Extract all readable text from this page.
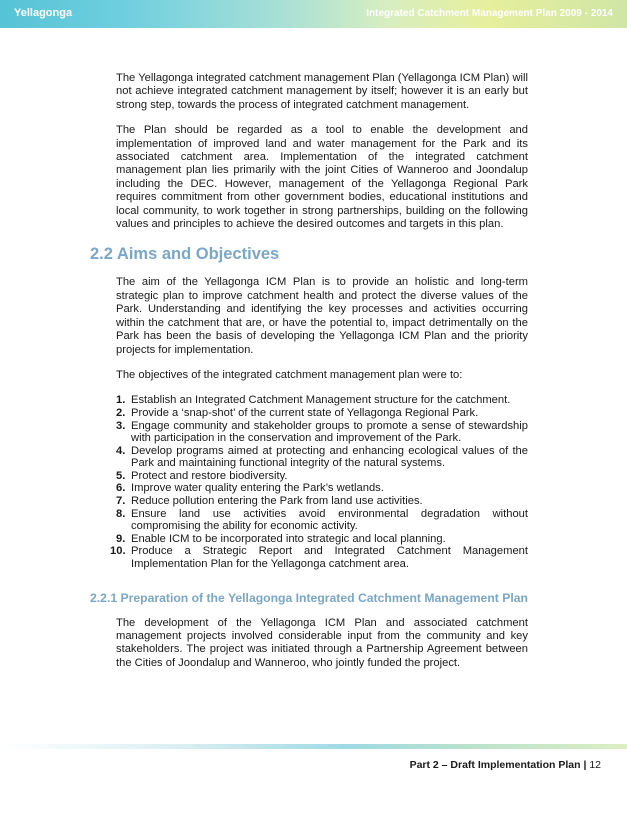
Yellagonga	Integrated Catchment Management Plan 2009 - 2014

The Yellagonga integrated catchment management Plan (Yellagonga ICM Plan) will not achieve integrated catchment management by itself; however it is an early but strong step, towards the process of integrated catchment management.

The Plan should be regarded as a tool to enable the development and implementation of improved land and water management for the Park and its associated catchment area. Implementation of the integrated catchment management plan lies primarily with the joint Cities of Wanneroo and Joondalup including the DEC. However, management of the Yellagonga Regional Park requires commitment from other government bodies, educational institutions and local community, to work together in strong partnerships, building on the following values and principles to achieve the desired outcomes and targets in this plan.

2.2 Aims and Objectives

The aim of the Yellagonga ICM Plan is to provide an holistic and long-term strategic plan to improve catchment health and protect the diverse values of the Park. Understanding and identifying the key processes and activities occurring within the catchment that are, or have the potential to, impact detrimentally on the Park has been the basis of developing the Yellagonga ICM Plan and the priority projects for implementation.

The objectives of the integrated catchment management plan were to:

1. Establish an Integrated Catchment Management structure for the catchment.
2. Provide a ‘snap-shot’ of the current state of Yellagonga Regional Park.
3. Engage community and stakeholder groups to promote a sense of stewardship with participation in the conservation and improvement of the Park.
4. Develop programs aimed at protecting and enhancing ecological values of the Park and maintaining functional integrity of the natural systems.
5. Protect and restore biodiversity.
6. Improve water quality entering the Park’s wetlands.
7. Reduce pollution entering the Park from land use activities.
8. Ensure land use activities avoid environmental degradation without compromising the ability for economic activity.
9. Enable ICM to be incorporated into strategic and local planning.
10. Produce a Strategic Report and Integrated Catchment Management Implementation Plan for the Yellagonga catchment area.
2.2.1 Preparation of the Yellagonga Integrated Catchment Management Plan

The development of the Yellagonga ICM Plan and associated catchment management projects involved considerable input from the community and key stakeholders. The project was initiated through a Partnership Agreement between the Cities of Joondalup and Wanneroo, who jointly funded the project.

Part 2 – Draft Implementation Plan | 12
